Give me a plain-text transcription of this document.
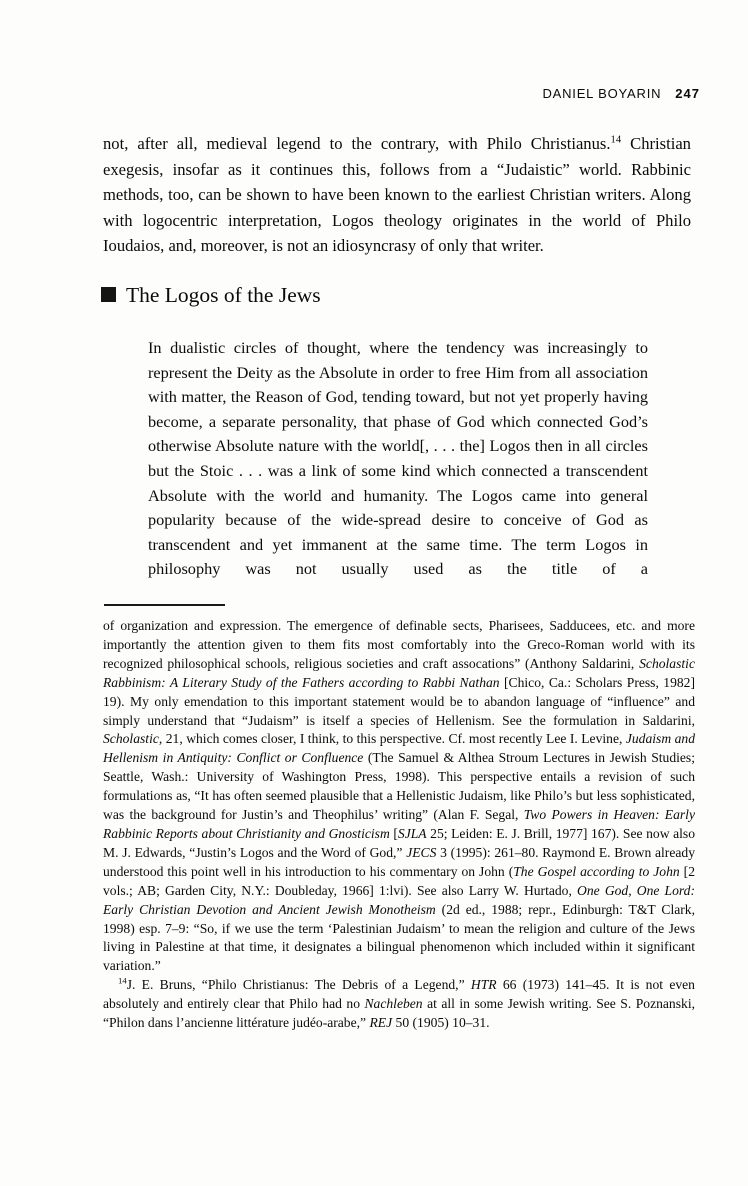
DANIEL BOYARIN 247

not, after all, medieval legend to the contrary, with Philo Christianus.$^{14}$ Christian exegesis, insofar as it continues this, follows from a “Judaistic” world. Rabbinic methods, too, can be shown to have been known to the earliest Christian writers. Along with logocentric interpretation, Logos theology originates in the world of Philo Ioudaios, and, moreover, is not an idiosyncrasy of only that writer.

The Logos of the Jews
In dualistic circles of thought, where the tendency was increasingly to represent the Deity as the Absolute in order to free Him from all association with matter, the Reason of God, tending toward, but not yet properly having become, a separate personality, that phase of God which connected God’s otherwise Absolute nature with the world[, . . . the] Logos then in all circles but the Stoic . . . was a link of some kind which connected a transcendent Absolute with the world and humanity. The Logos came into general popularity because of the wide-spread desire to conceive of God as transcendent and yet immanent at the same time. The term Logos in philosophy was not usually used as the title of a

of organization and expression. The emergence of definable sects, Pharisees, Sadducees, etc. and more importantly the attention given to them fits most comfortably into the Greco-Roman world with its recognized philosophical schools, religious societies and craft assocations” (Anthony Saldarini, Scholastic Rabbinism: A Literary Study of the Fathers according to Rabbi Nathan [Chico, Ca.: Scholars Press, 1982] 19). My only emendation to this important statement would be to abandon language of “influence” and simply understand that “Judaism” is itself a species of Hellenism. See the formulation in Saldarini, Scholastic, 21, which comes closer, I think, to this perspective. Cf. most recently Lee I. Levine, Judaism and Hellenism in Antiquity: Conflict or Confluence (The Samuel & Althea Stroum Lectures in Jewish Studies; Seattle, Wash.: University of Washington Press, 1998). This perspective entails a revision of such formulations as, “It has often seemed plausible that a Hellenistic Judaism, like Philo’s but less sophisticated, was the background for Justin’s and Theophilus’ writing” (Alan F. Segal, Two Powers in Heaven: Early Rabbinic Reports about Christianity and Gnosticism [SJLA 25; Leiden: E. J. Brill, 1977] 167). See now also M. J. Edwards, “Justin’s Logos and the Word of God,” JECS 3 (1995): 261–80. Raymond E. Brown already understood this point well in his introduction to his commentary on John (The Gospel according to John [2 vols.; AB; Garden City, N.Y.: Doubleday, 1966] 1:lvi). See also Larry W. Hurtado, One God, One Lord: Early Christian Devotion and Ancient Jewish Monotheism (2d ed., 1988; repr., Edinburgh: T&T Clark, 1998) esp. 7–9: “So, if we use the term ‘Palestinian Judaism’ to mean the religion and culture of the Jews living in Palestine at that time, it designates a bilingual phenomenon which included within it significant variation.”

$^{14}$J. E. Bruns, “Philo Christianus: The Debris of a Legend,” HTR 66 (1973) 141–45. It is not even absolutely and entirely clear that Philo had no Nachleben at all in some Jewish writing. See S. Poznanski, “Philon dans l’ancienne littérature judéo-arabe,” REJ 50 (1905) 10–31.
